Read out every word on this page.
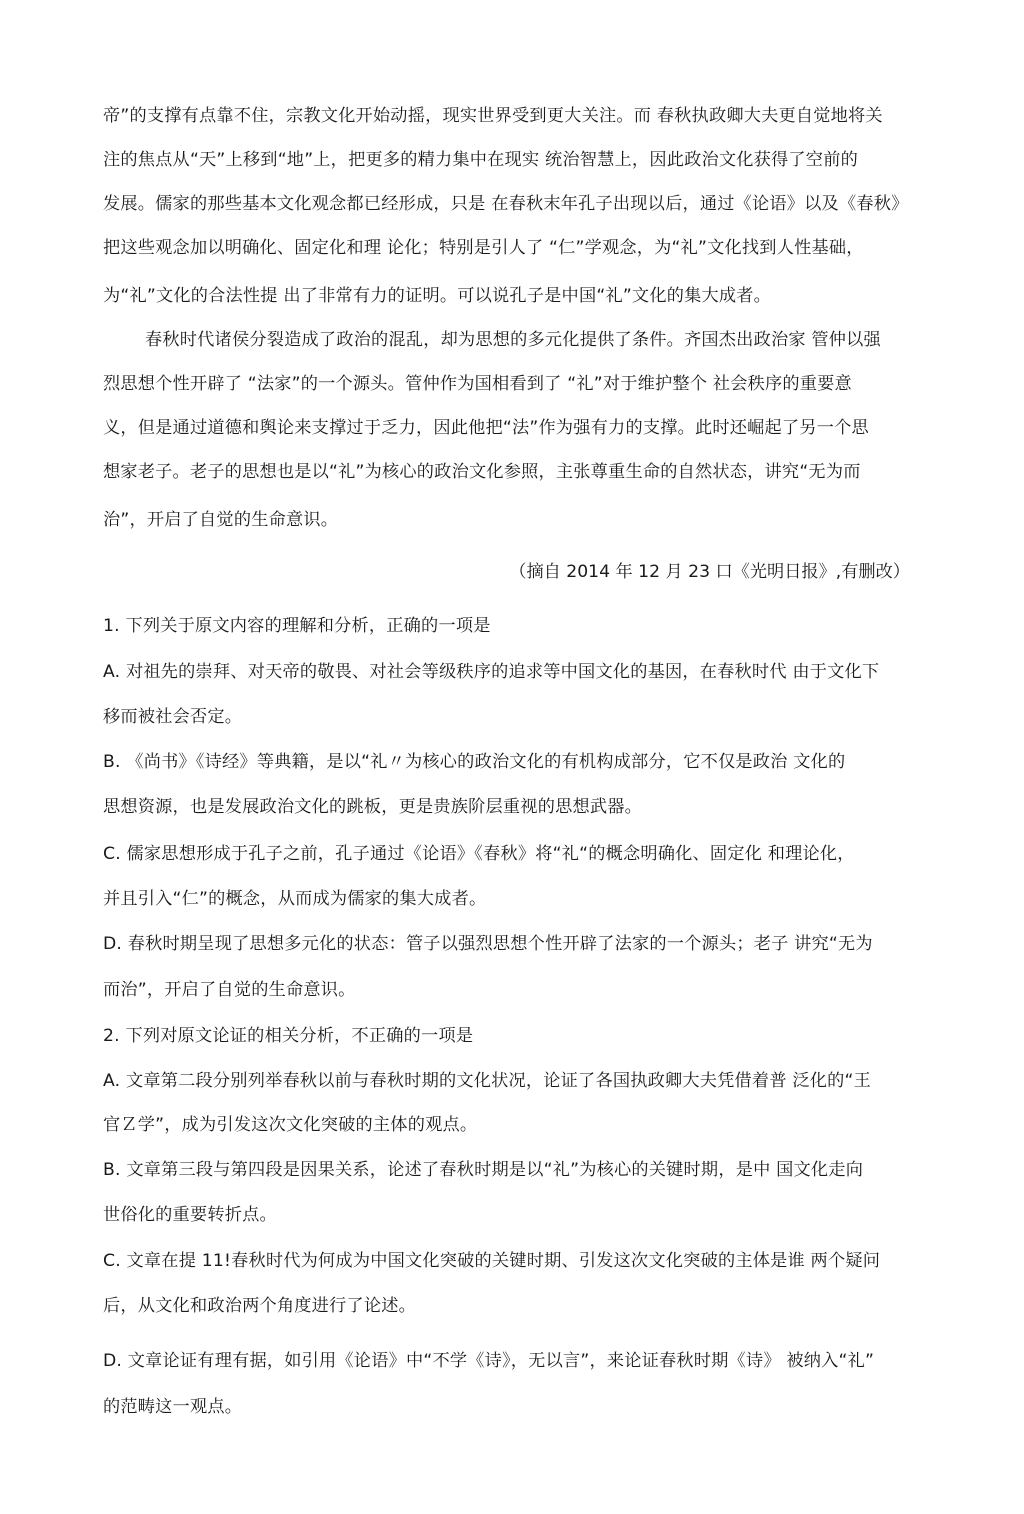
帝”的支撑有点靠不住，宗教文化开始动摇，现实世界受到更大关注。而 春秋执政卿大夫更自觉地将关
注的焦点从“天”上移到“地”上，把更多的精力集中在现实 统治智慧上，因此政治文化获得了空前的
发展。儒家的那些基本文化观念都已经形成，只是 在春秋末年孔子出现以后，通过《论语》以及《春秋》
把这些观念加以明确化、固定化和理 论化；特别是引人了 “仁”学观念，为“礼”文化找到人性基础，
为“礼”文化的合法性提 出了非常有力的证明。可以说孔子是中国“礼”文化的集大成者。
春秋时代诸侯分裂造成了政治的混乱，却为思想的多元化提供了条件。齐国杰出政治家 管仲以强
烈思想个性开辟了 “法家”的一个源头。管仲作为国相看到了 “礼”对于维护整个 社会秩序的重要意
义，但是通过道德和舆论来支撑过于乏力，因此他把“法”作为强有力的支撑。此时还崛起了另一个思
想家老子。老子的思想也是以“礼”为核心的政治文化参照，主张尊重生命的自然状态，讲究“无为而
治”，开启了自觉的生命意识。
（摘自 2014 年 12 月 23 口《光明日报》,有删改）
1. 下列关于原文内容的理解和分析，正确的一项是
A. 对祖先的崇拜、对天帝的敬畏、对社会等级秩序的追求等中国文化的基因，在春秋时代 由于文化下
移而被社会否定。
B. 《尚书》《诗经》等典籍，是以“礼〃为核心的政治文化的有机构成部分，它不仅是政治 文化的
思想资源，也是发展政治文化的跳板，更是贵族阶层重视的思想武器。
C. 儒家思想形成于孔子之前，孔子通过《论语》《春秋》将“礼“的概念明确化、固定化 和理论化，
并且引入“仁”的概念，从而成为儒家的集大成者。
D. 春秋时期呈现了思想多元化的状态：管子以强烈思想个性开辟了法家的一个源头；老子 讲究“无为
而治”，开启了自觉的生命意识。
2. 下列对原文论证的相关分析，不正确的一项是
A. 文章第二段分别列举春秋以前与春秋时期的文化状况，论证了各国执政卿大夫凭借着普 泛化的“王
官Ｚ学”，成为引发这次文化突破的主体的观点。
B. 文章第三段与第四段是因果关系，论述了春秋时期是以“礼”为核心的关键时期，是中 国文化走向
世俗化的重要转折点。
C. 文章在提 11!春秋时代为何成为中国文化突破的关键时期、引发这次文化突破的主体是谁 两个疑问
后，从文化和政治两个角度进行了论述。
D. 文章论证有理有据，如引用《论语》中“不学《诗》，无以言”，来论证春秋时期《诗》 被纳入“礼”
的范畴这一观点。
